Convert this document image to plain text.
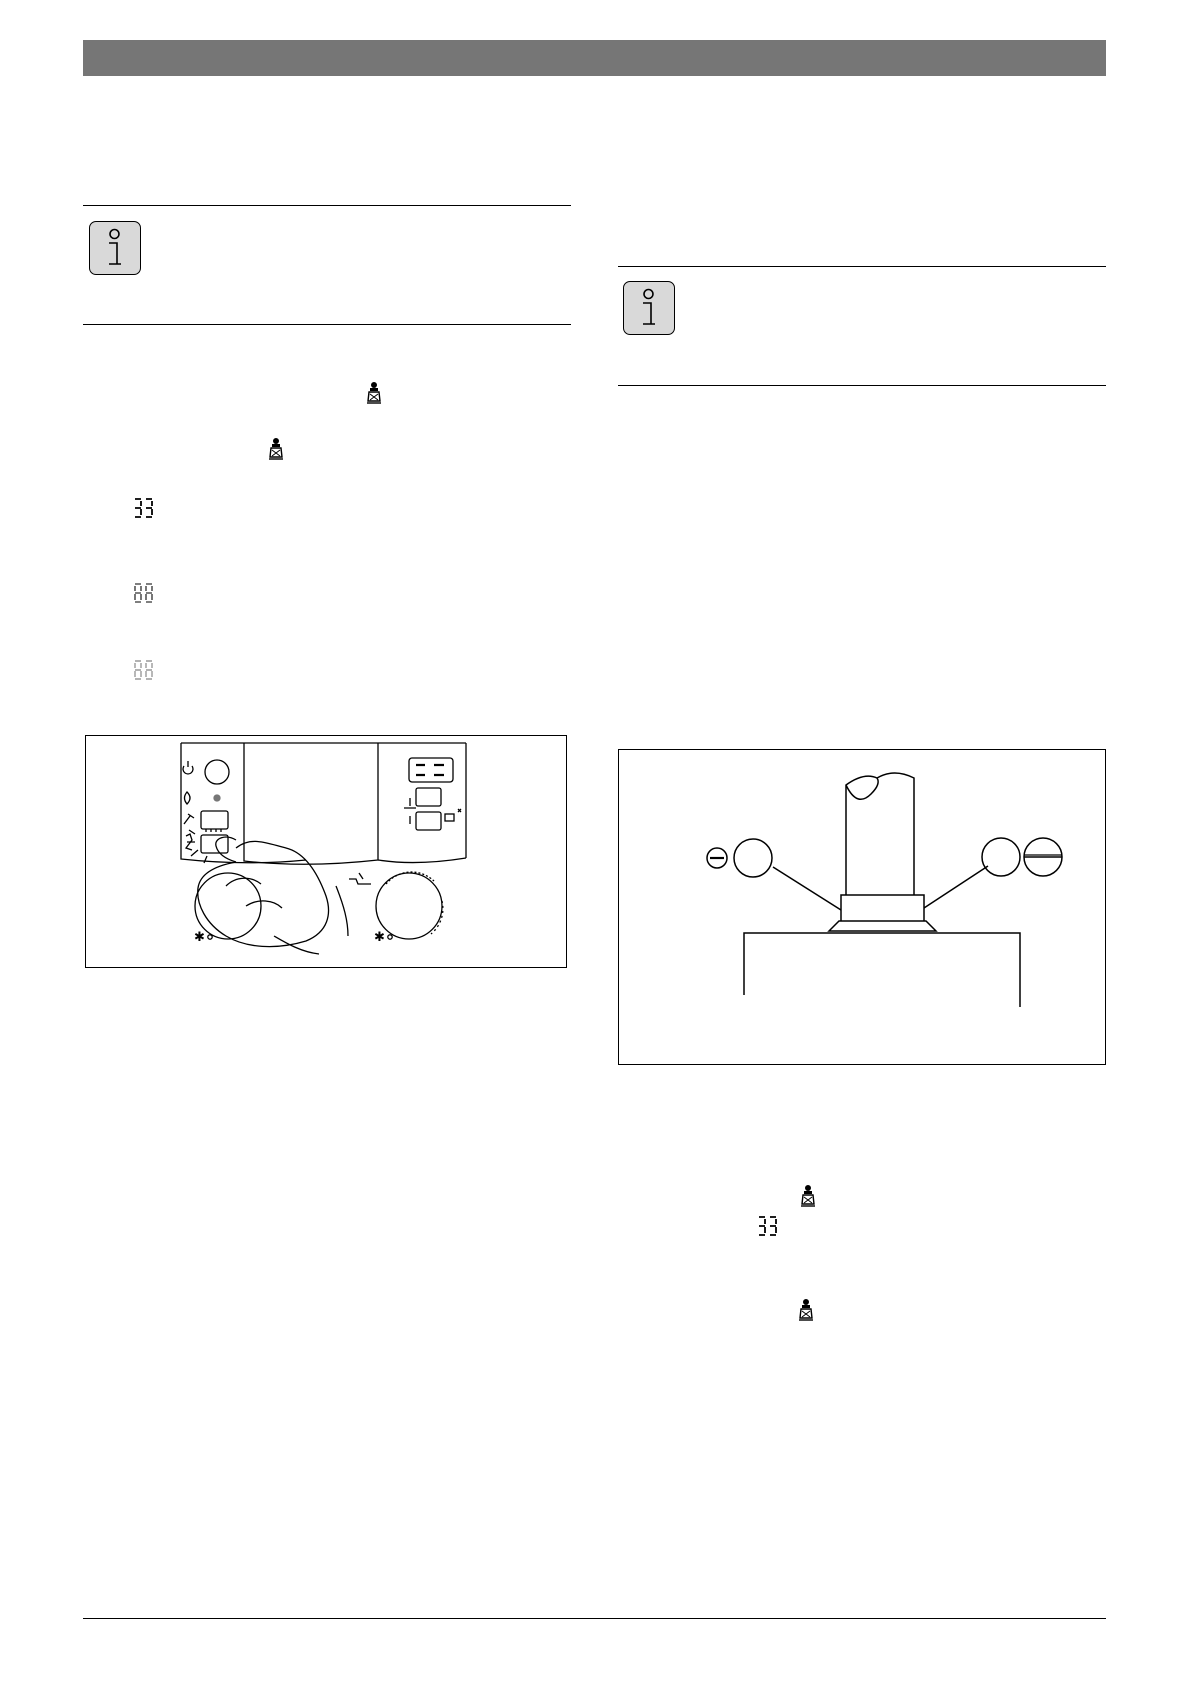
✱	✱
